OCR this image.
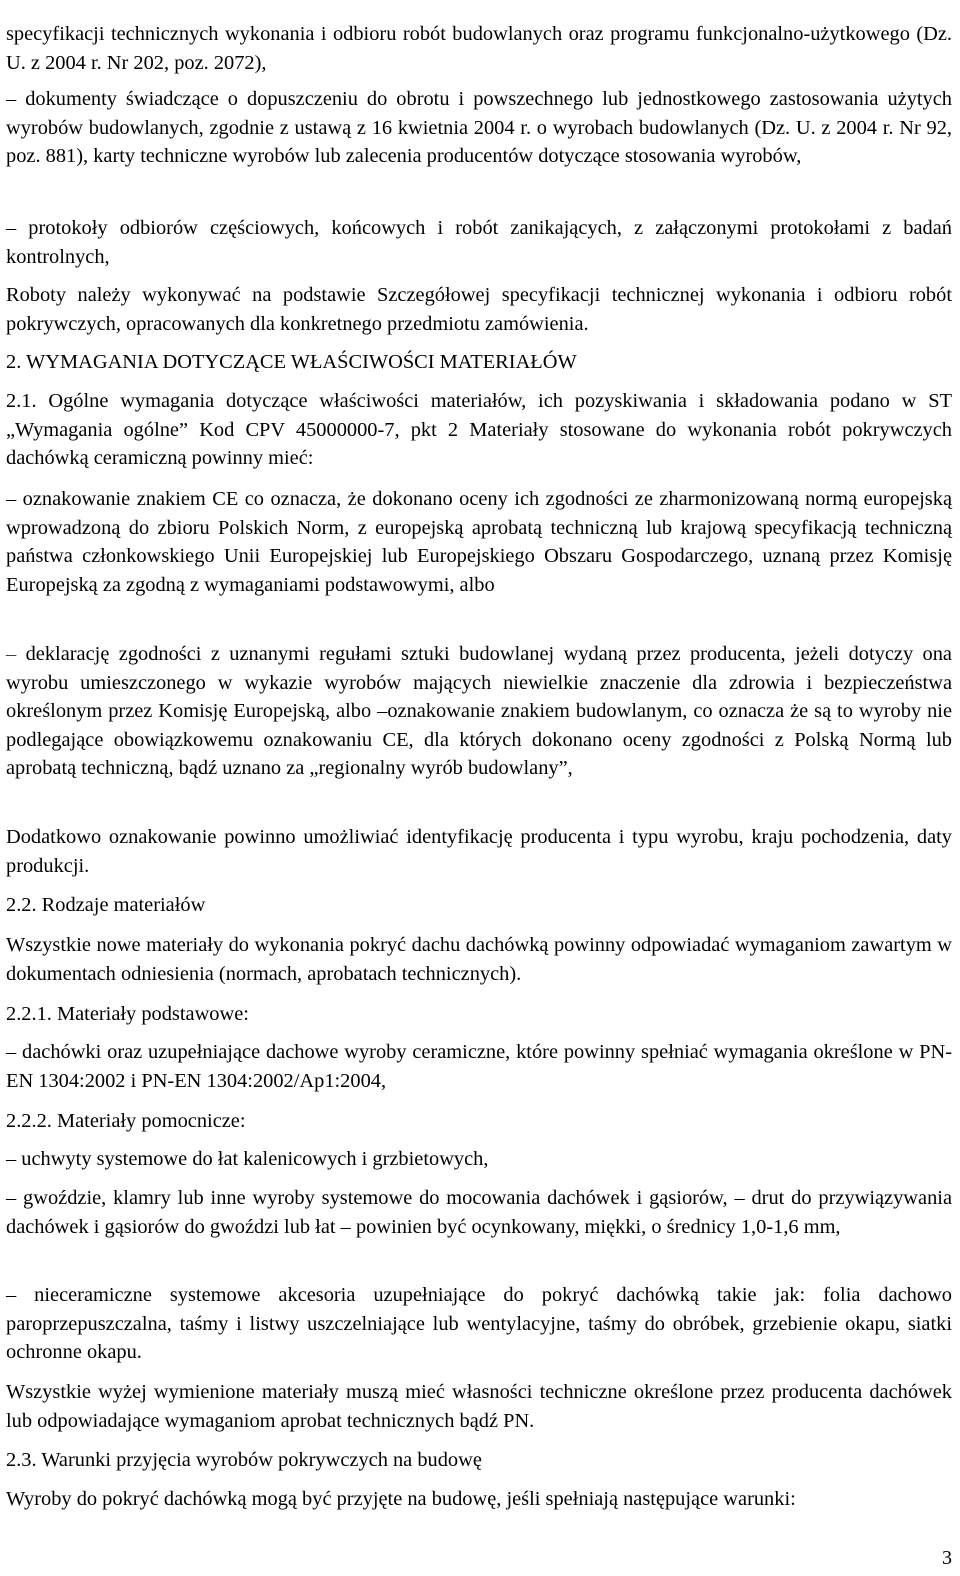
specyfikacji technicznych wykonania i odbioru robót budowlanych oraz programu funkcjonalno-użytkowego (Dz. U. z 2004 r. Nr 202, poz. 2072),

– dokumenty świadczące o dopuszczeniu do obrotu i powszechnego lub jednostkowego zastosowania użytych wyrobów budowlanych, zgodnie z ustawą z 16 kwietnia 2004 r. o wyrobach budowlanych (Dz. U. z 2004 r. Nr 92, poz. 881), karty techniczne wyrobów lub zalecenia producentów dotyczące stosowania wyrobów,

– protokoły odbiorów częściowych, końcowych i robót zanikających, z załączonymi protokołami z badań kontrolnych,

Roboty należy wykonywać na podstawie Szczegółowej specyfikacji technicznej wykonania i odbioru robót pokrywczych, opracowanych dla konkretnego przedmiotu zamówienia.

2. WYMAGANIA DOTYCZĄCE WŁAŚCIWOŚCI MATERIAŁÓW

2.1. Ogólne wymagania dotyczące właściwości materiałów, ich pozyskiwania i składowania podano w ST „Wymagania ogólne” Kod CPV 45000000-7, pkt 2 Materiały stosowane do wykonania robót pokrywczych dachówką ceramiczną powinny mieć:

– oznakowanie znakiem CE co oznacza, że dokonano oceny ich zgodności ze zharmonizowaną normą europejską wprowadzoną do zbioru Polskich Norm, z europejską aprobatą techniczną lub krajową specyfikacją techniczną państwa członkowskiego Unii Europejskiej lub Europejskiego Obszaru Gospodarczego, uznaną przez Komisję Europejską za zgodną z wymaganiami podstawowymi, albo

– deklarację zgodności z uznanymi regułami sztuki budowlanej wydaną przez producenta, jeżeli dotyczy ona wyrobu umieszczonego w wykazie wyrobów mających niewielkie znaczenie dla zdrowia i bezpieczeństwa określonym przez Komisję Europejską, albo –oznakowanie znakiem budowlanym, co oznacza że są to wyroby nie podlegające obowiązkowemu oznakowaniu CE, dla których dokonano oceny zgodności z Polską Normą lub aprobatą techniczną, bądź uznano za „regionalny wyrób budowlany”,

Dodatkowo oznakowanie powinno umożliwiać identyfikację producenta i typu wyrobu, kraju pochodzenia, daty produkcji.

2.2. Rodzaje materiałów

Wszystkie nowe materiały do wykonania pokryć dachu dachówką powinny odpowiadać wymaganiom zawartym w dokumentach odniesienia (normach, aprobatach technicznych).

2.2.1. Materiały podstawowe:

– dachówki oraz uzupełniające dachowe wyroby ceramiczne, które powinny spełniać wymagania określone w PN-EN 1304:2002 i PN-EN 1304:2002/Ap1:2004,

2.2.2. Materiały pomocnicze:

– uchwyty systemowe do łat kalenicowych i grzbietowych,

– gwoździe, klamry lub inne wyroby systemowe do mocowania dachówek i gąsiorów, – drut do przywiązywania dachówek i gąsiorów do gwoździ lub łat – powinien być ocynkowany, miękki, o średnicy 1,0-1,6 mm,

– nieceramiczne systemowe akcesoria uzupełniające do pokryć dachówką takie jak: folia dachowo paroprzepuszczalna, taśmy i listwy uszczelniające lub wentylacyjne, taśmy do obróbek, grzebienie okapu, siatki ochronne okapu.

Wszystkie wyżej wymienione materiały muszą mieć własności techniczne określone przez producenta dachówek lub odpowiadające wymaganiom aprobat technicznych bądź PN.

2.3. Warunki przyjęcia wyrobów pokrywczych na budowę

Wyroby do pokryć dachówką mogą być przyjęte na budowę, jeśli spełniają następujące warunki:

3
